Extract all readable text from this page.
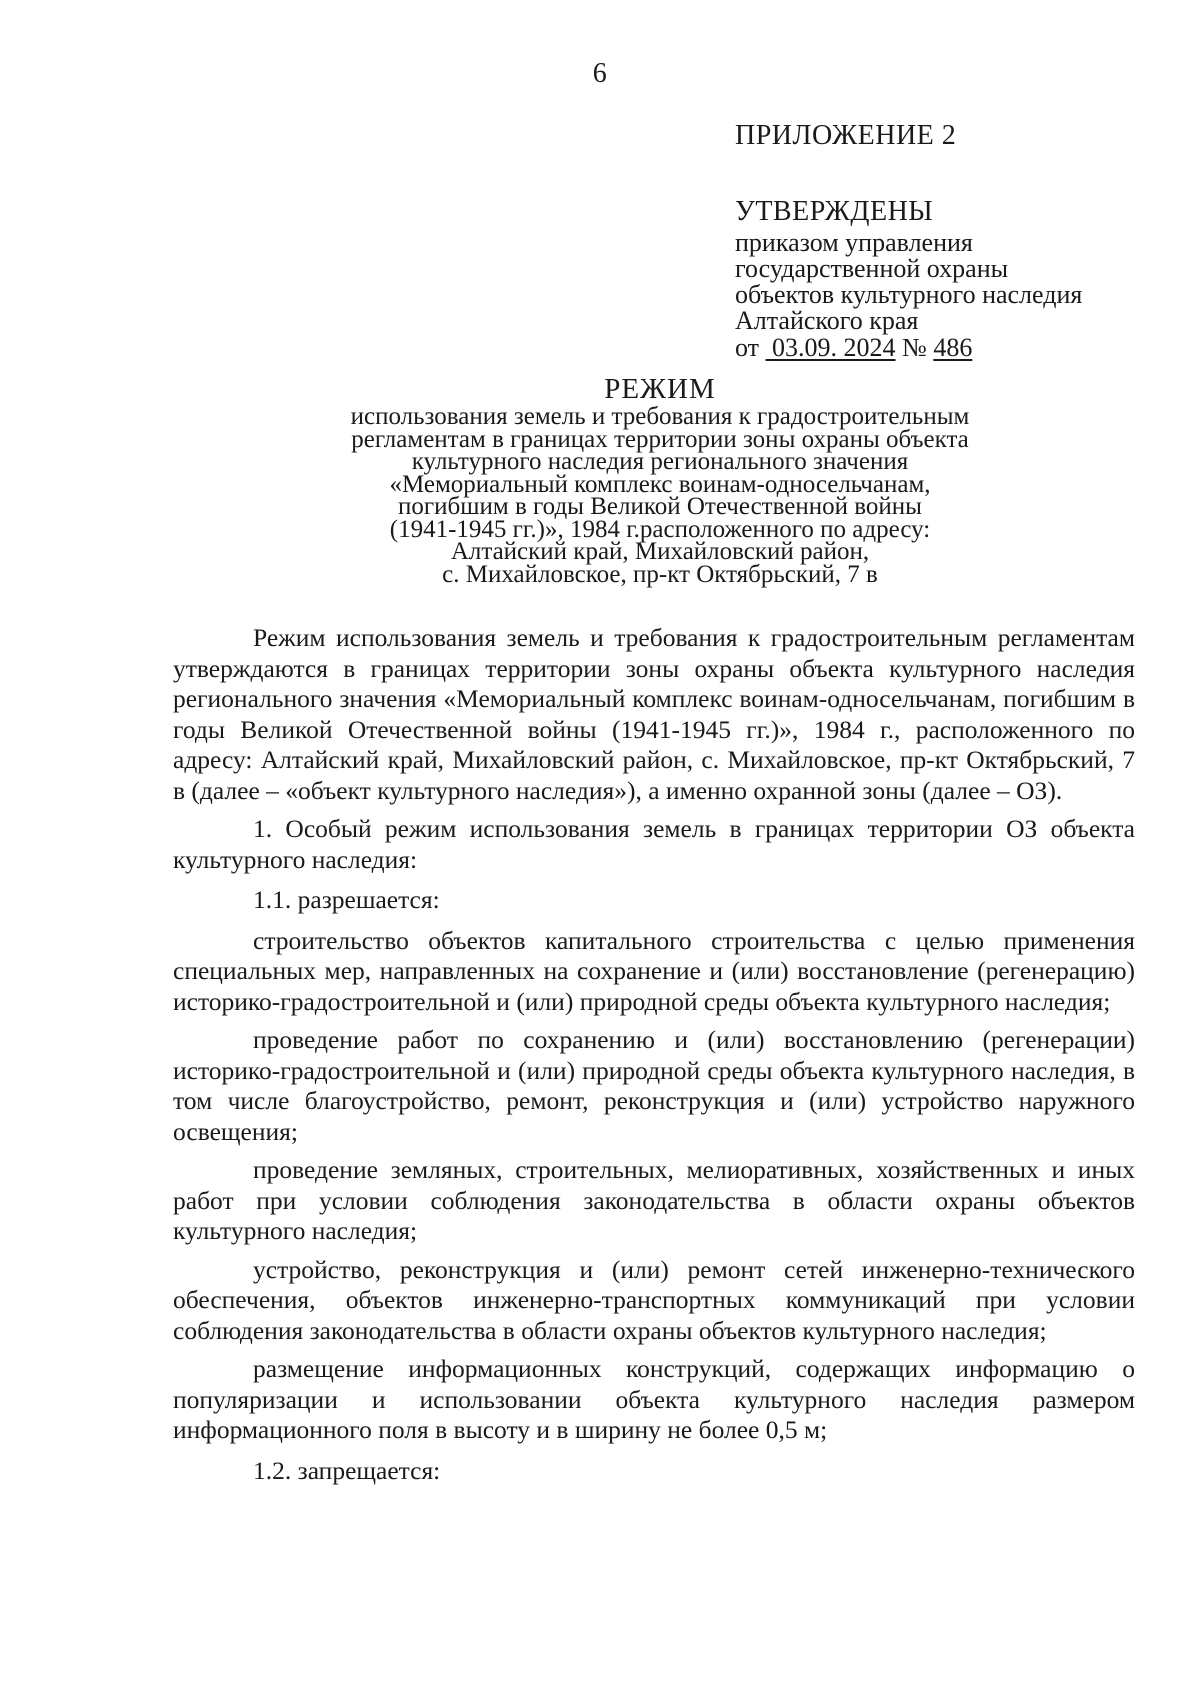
6

ПРИЛОЖЕНИЕ 2

УТВЕРЖДЕНЫ

приказом управления
государственной охраны
объектов культурного наследия
Алтайского края
от 03.09. 2024 № 486

РЕЖИМ

использования земель и требования к градостроительным
регламентам в границах территории зоны охраны объекта
культурного наследия регионального значения
«Мемориальный комплекс воинам-односельчанам,
погибшим в годы Великой Отечественной войны
(1941-1945 гг.)», 1984 г.расположенного по адресу:
Алтайский край, Михайловский район,
с. Михайловское, пр-кт Октябрьский, 7 в

Режим использования земель и требования к градостроительным регламентам утверждаются в границах территории зоны охраны объекта культурного наследия регионального значения «Мемориальный комплекс воинам-односельчанам, погибшим в годы Великой Отечественной войны (1941-1945 гг.)», 1984 г., расположенного по адресу: Алтайский край, Михайловский район, с. Михайловское, пр-кт Октябрьский, 7 в (далее – «объект культурного наследия»), а именно охранной зоны (далее – ОЗ).

1. Особый режим использования земель в границах территории ОЗ объекта культурного наследия:

1.1. разрешается:

строительство объектов капитального строительства с целью применения специальных мер, направленных на сохранение и (или) восстановление (регенерацию) историко-градостроительной и (или) природной среды объекта культурного наследия;

проведение работ по сохранению и (или) восстановлению (регенерации) историко-градостроительной и (или) природной среды объекта культурного наследия, в том числе благоустройство, ремонт, реконструкция и (или) устройство наружного освещения;

проведение земляных, строительных, мелиоративных, хозяйственных и иных работ при условии соблюдения законодательства в области охраны объектов культурного наследия;

устройство, реконструкция и (или) ремонт сетей инженерно-технического обеспечения, объектов инженерно-транспортных коммуникаций при условии соблюдения законодательства в области охраны объектов культурного наследия;

размещение информационных конструкций, содержащих информацию о популяризации и использовании объекта культурного наследия размером информационного поля в высоту и в ширину не более 0,5 м;

1.2. запрещается:
